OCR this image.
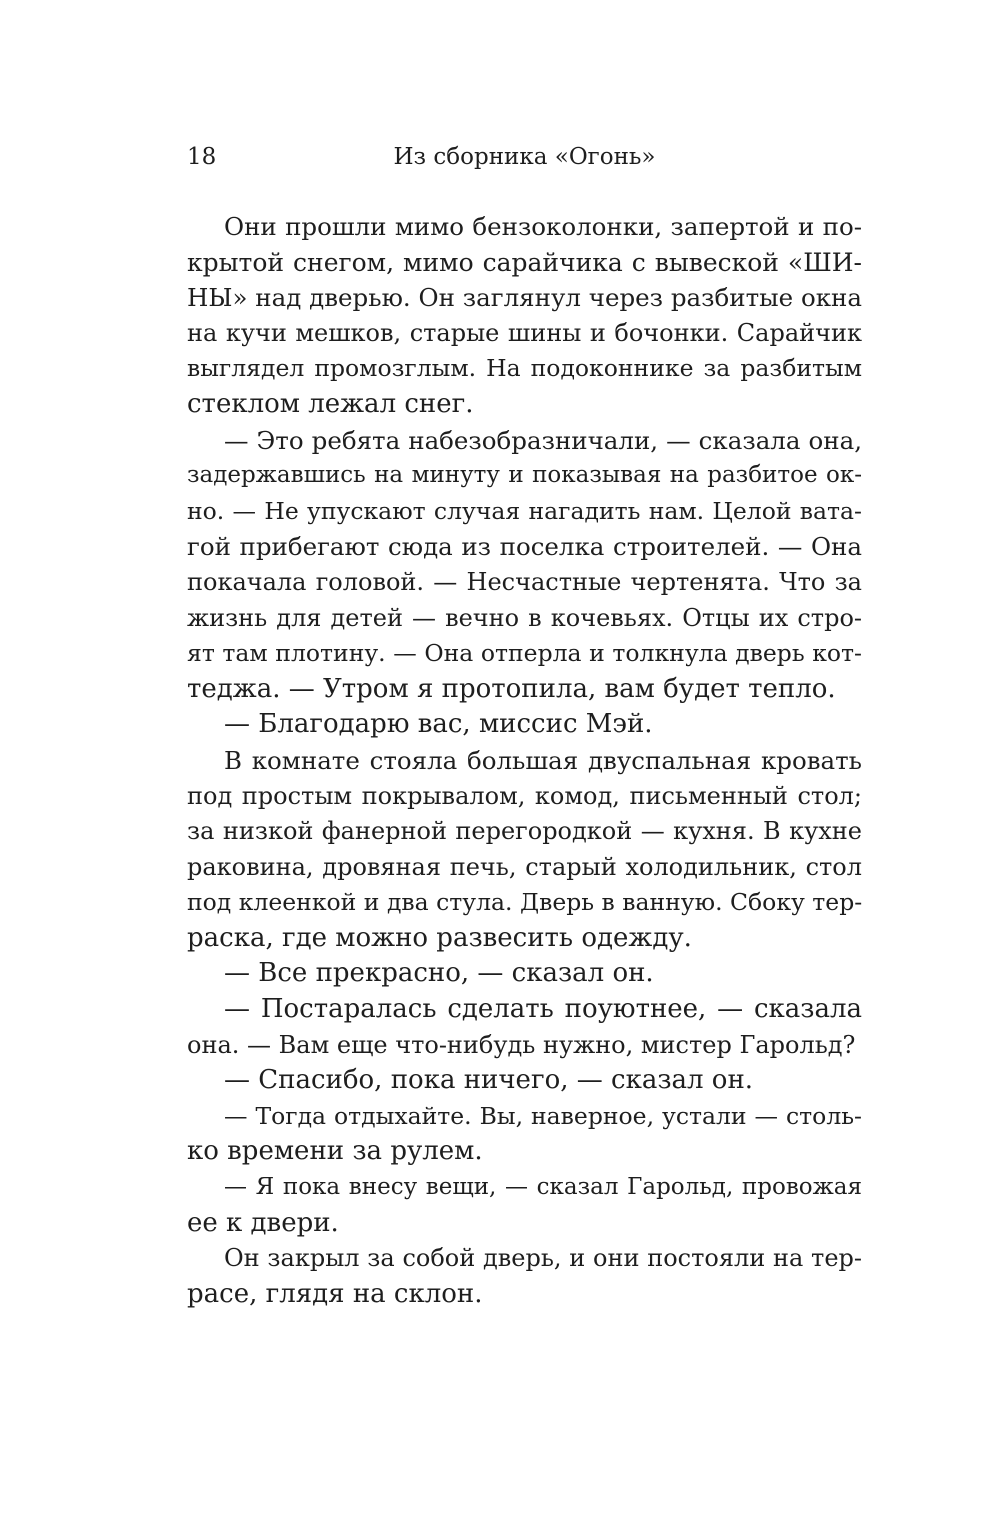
18	Из сборника «Огонь»
Они прошли мимо бензоколонки, запертой и по-
крытой снегом, мимо сарайчика с вывеской «ШИ-
НЫ» над дверью. Он заглянул через разбитые окна
на кучи мешков, старые шины и бочонки. Сарайчик
выглядел промозглым. На подоконнике за разбитым
стеклом лежал снег.
— Это ребята набезобразничали, — сказала она,
задержавшись на минуту и показывая на разбитое ок-
но. — Не упускают случая нагадить нам. Целой вата-
гой прибегают сюда из поселка строителей. — Она
покачала головой. — Несчастные чертенята. Что за
жизнь для детей — вечно в кочевьях. Отцы их стро-
ят там плотину. — Она отперла и толкнула дверь кот-
теджа. — Утром я протопила, вам будет тепло.
— Благодарю вас, миссис Мэй.
В комнате стояла большая двуспальная кровать
под простым покрывалом, комод, письменный стол;
за низкой фанерной перегородкой — кухня. В кухне
раковина, дровяная печь, старый холодильник, стол
под клеенкой и два стула. Дверь в ванную. Сбоку тер-
раска, где можно развесить одежду.
— Все прекрасно, — сказал он.
— Постаралась сделать поуютнее, — сказала
она. — Вам еще что-нибудь нужно, мистер Гарольд?
— Спасибо, пока ничего, — сказал он.
— Тогда отдыхайте. Вы, наверное, устали — столь-
ко времени за рулем.
— Я пока внесу вещи, — сказал Гарольд, провожая
ее к двери.
Он закрыл за собой дверь, и они постояли на тер-
расе, глядя на склон.
